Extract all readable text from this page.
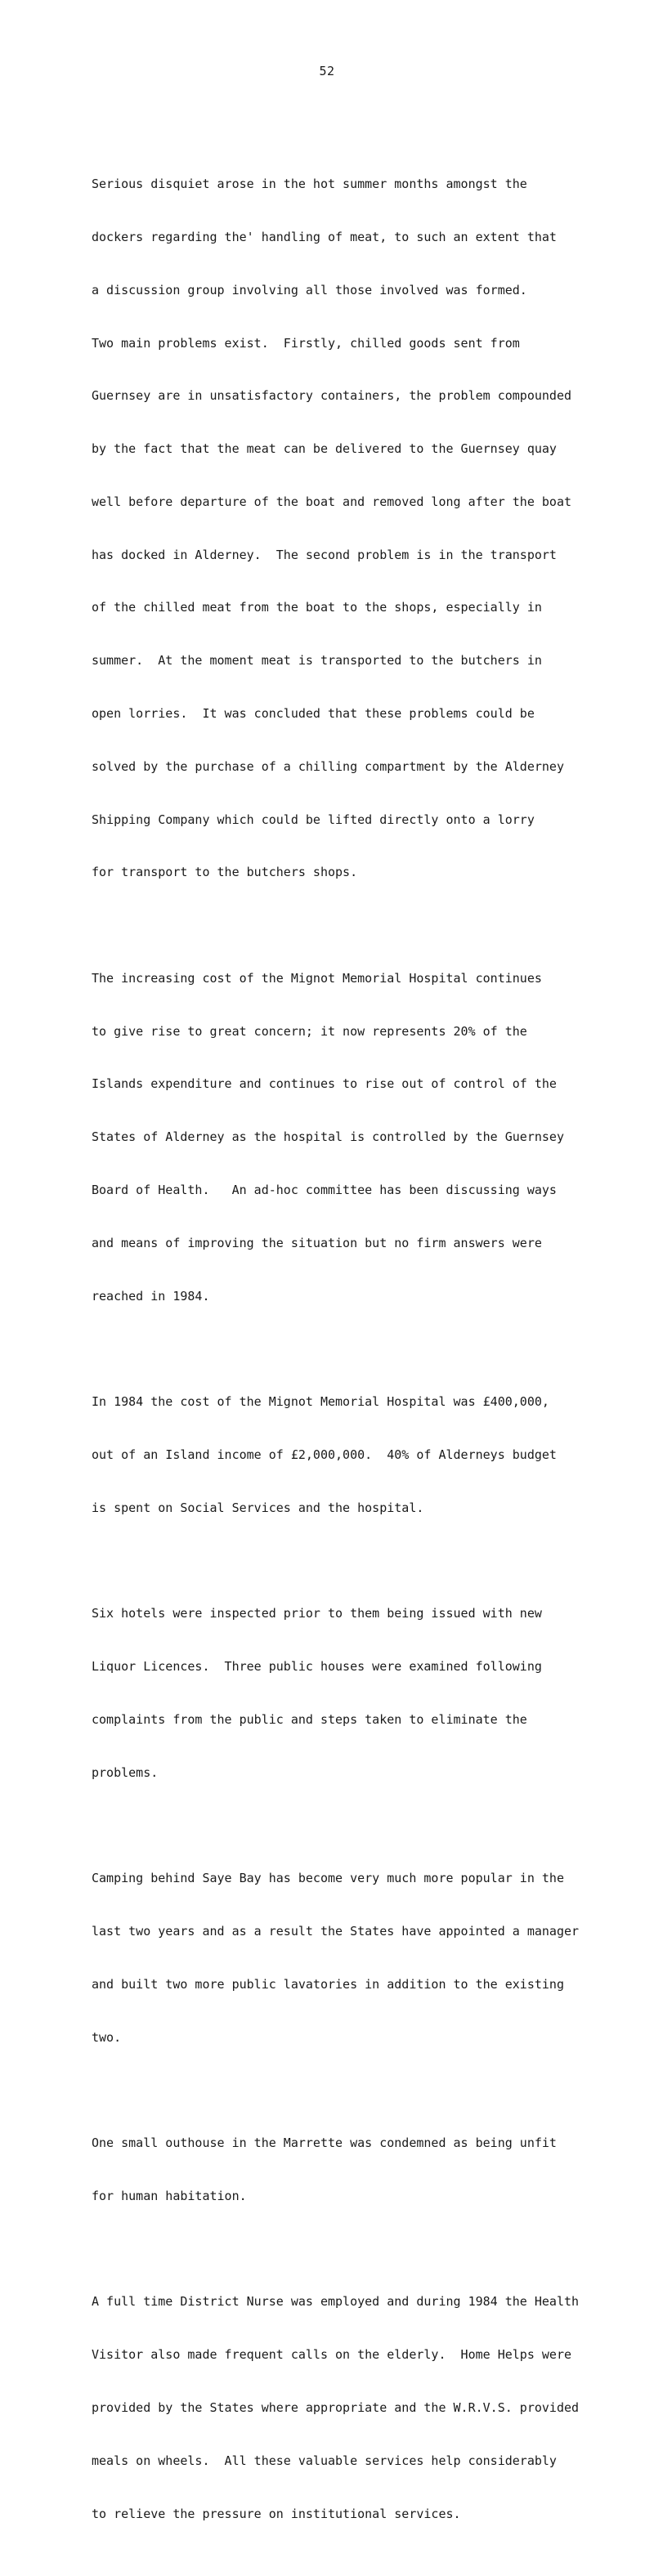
52

Serious disquiet arose in the hot summer months amongst the

dockers regarding the' handling of meat, to such an extent that

a discussion group involving all those involved was formed.

Two main problems exist.  Firstly, chilled goods sent from

Guernsey are in unsatisfactory containers, the problem compounded

by the fact that the meat can be delivered to the Guernsey quay

well before departure of the boat and removed long after the boat

has docked in Alderney.  The second problem is in the transport

of the chilled meat from the boat to the shops, especially in

summer.  At the moment meat is transported to the butchers in

open lorries.  It was concluded that these problems could be

solved by the purchase of a chilling compartment by the Alderney

Shipping Company which could be lifted directly onto a lorry

for transport to the butchers shops.

The increasing cost of the Mignot Memorial Hospital continues

to give rise to great concern; it now represents 20% of the

Islands expenditure and continues to rise out of control of the

States of Alderney as the hospital is controlled by the Guernsey

Board of Health.   An ad-hoc committee has been discussing ways

and means of improving the situation but no firm answers were

reached in 1984.

In 1984 the cost of the Mignot Memorial Hospital was £400,000,

out of an Island income of £2,000,000.  40% of Alderneys budget

is spent on Social Services and the hospital.

Six hotels were inspected prior to them being issued with new

Liquor Licences.  Three public houses were examined following

complaints from the public and steps taken to eliminate the

problems.

Camping behind Saye Bay has become very much more popular in the

last two years and as a result the States have appointed a manager

and built two more public lavatories in addition to the existing

two.

One small outhouse in the Marrette was condemned as being unfit

for human habitation.

A full time District Nurse was employed and during 1984 the Health

Visitor also made frequent calls on the elderly.  Home Helps were

provided by the States where appropriate and the W.R.V.S. provided

meals on wheels.  All these valuable services help considerably

to relieve the pressure on institutional services.
